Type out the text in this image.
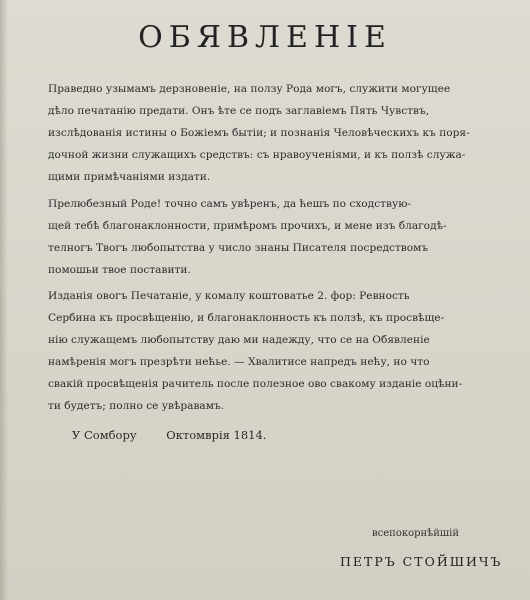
ОБЯВЛЕНІЕ
Праведно узымамъ дерзновеніе, на ползу Рода могъ, служити могущее
дѣло печатанію предати. Онъ ѣте се подъ заглавіемъ Пять Чувствъ,
изслѣдованія истины о Божіемъ бытіи; и познанія Человѣческихъ къ поря-
дочной жизни служащихъ средствъ: съ нравоученіями, и къ ползѣ служа-
щими примѣчаніями издати.
Прелюбезный Роде! точно самъ увѣренъ, да ћешъ по сходствую-
щей тебѣ благонаклонности, примѣромъ прочихъ, и мене изъ благодѣ-
телногъ Твогъ любопытства у число знаны Писателя посредствомъ
помошьи твое поставити.
Изданія овогъ Печатаніе, у комалу коштоватье 2. фор: Ревность
Сербина къ просвѣщенію, и благонаклонность къ ползѣ, къ просвѣще-
нію служащемъ любопытству даю ми надежду, что се на Обявленіе
намѣренія могъ презрѣти нећье. — Хвалитисе напредъ нећу, но что
свакій просвѣщенія рачитель после полезное ово свакому изданіе оцѣни-
ти будетъ; полно се увѣравамъ.
У Сомбору	Октомврія 1814.
всепокорнѣйшій
ПЕТРЪ СТОЙШИЧЪ
